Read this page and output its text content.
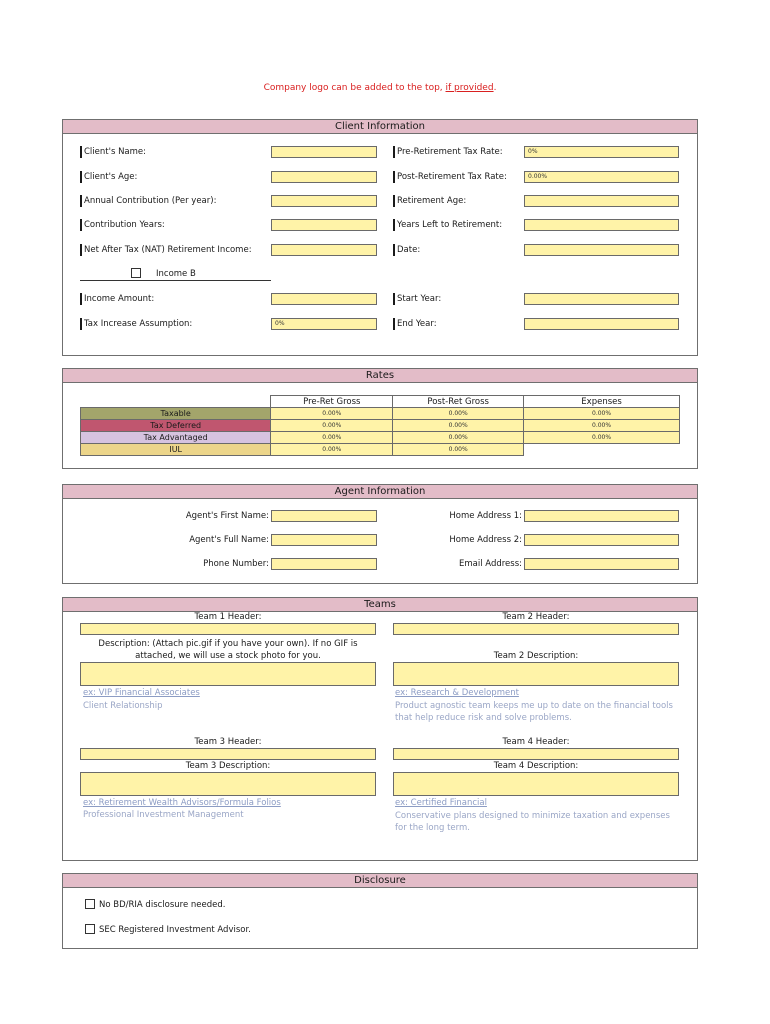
Company logo can be added to the top, if provided.
Client Information
Client's Name:
Client's Age:
Annual Contribution (Per year):
Contribution Years:
Net After Tax (NAT) Retirement Income:
Pre-Retirement Tax Rate:	0%
Post-Retirement Tax Rate:	0.00%
Retirement Age:
Years Left to Retirement:
Date:
Income B
Income Amount:
Tax Increase Assumption:	0%
Start Year:
End Year:
Rates
	Pre-Ret Gross	Post-Ret Gross	Expenses
Taxable	0.00%	0.00%	0.00%
Tax Deferred	0.00%	0.00%	0.00%
Tax Advantaged	0.00%	0.00%	0.00%
IUL	0.00%	0.00%	
Agent Information
Agent's First Name:
Agent's Full Name:
Phone Number:
Home Address 1:
Home Address 2:
Email Address:
Teams
Team 1 Header:	Team 2 Header:
Description: (Attach pic.gif if you have your own). If no GIF is
attached, we will use a stock photo for you.	Team 2 Description:
ex: VIP Financial Associates
Client Relationship
ex: Research & Development
Product agnostic team keeps me up to date on the financial tools that help reduce risk and solve problems.
Team 3 Header:	Team 4 Header:
Team 3 Description:	Team 4 Description:
ex: Retirement Wealth Advisors/Formula Folios
Professional Investment Management
ex: Certified Financial
Conservative plans designed to minimize taxation and expenses for the long term.
Disclosure
No BD/RIA disclosure needed.
SEC Registered Investment Advisor.
